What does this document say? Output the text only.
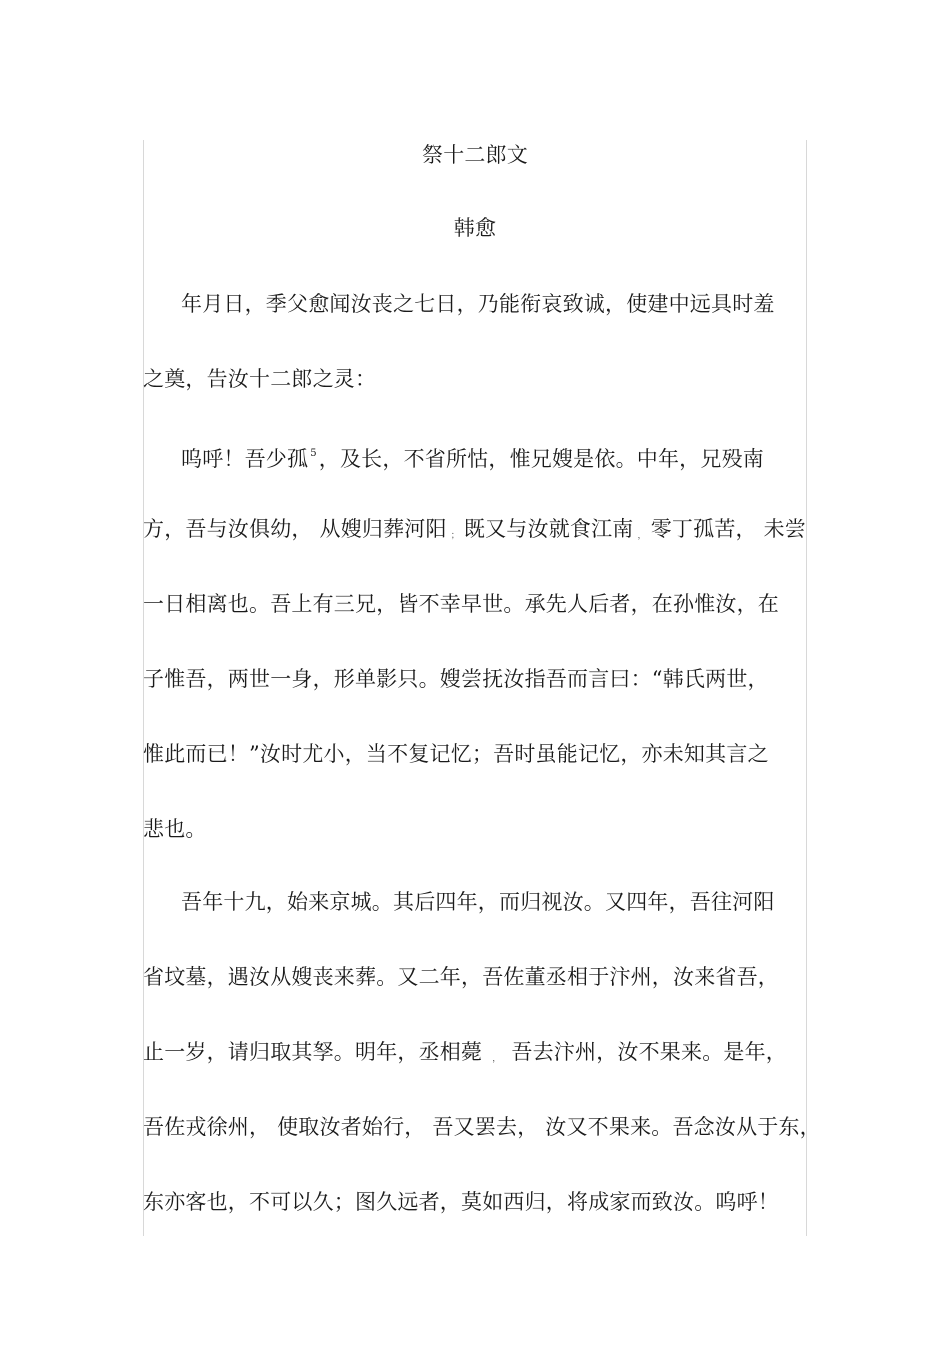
祭十二郎文
韩愈
年月日，季父愈闻汝丧之七日，乃能衔哀致诚，使建中远具时羞
之奠，告汝十二郎之灵：
呜呼！吾少孤 $^5$，及长，不省所怙，惟兄嫂是依。中年，兄殁南
方，吾与汝俱幼， 从嫂归葬河阳 ； 既又与汝就食江南 ， 零丁孤苦， 未尝
一日相离也。吾上有三兄，皆不幸早世。承先人后者，在孙惟汝，在
子惟吾，两世一身，形单影只。嫂尝抚汝指吾而言曰：“韩氏两世，
惟此而已！”汝时尤小，当不复记忆；吾时虽能记忆，亦未知其言之
悲也。
吾年十九，始来京城。其后四年，而归视汝。又四年，吾往河阳
省坟墓，遇汝从嫂丧来葬。又二年，吾佐董丞相于汴州，汝来省吾，
止一岁，请归取其孥。明年，丞相薨 ， 吾去汴州，汝不果来。是年，
吾佐戎徐州， 使取汝者始行， 吾又罢去， 汝又不果来。吾念汝从于东，
东亦客也，不可以久；图久远者，莫如西归，将成家而致汝。呜呼！
